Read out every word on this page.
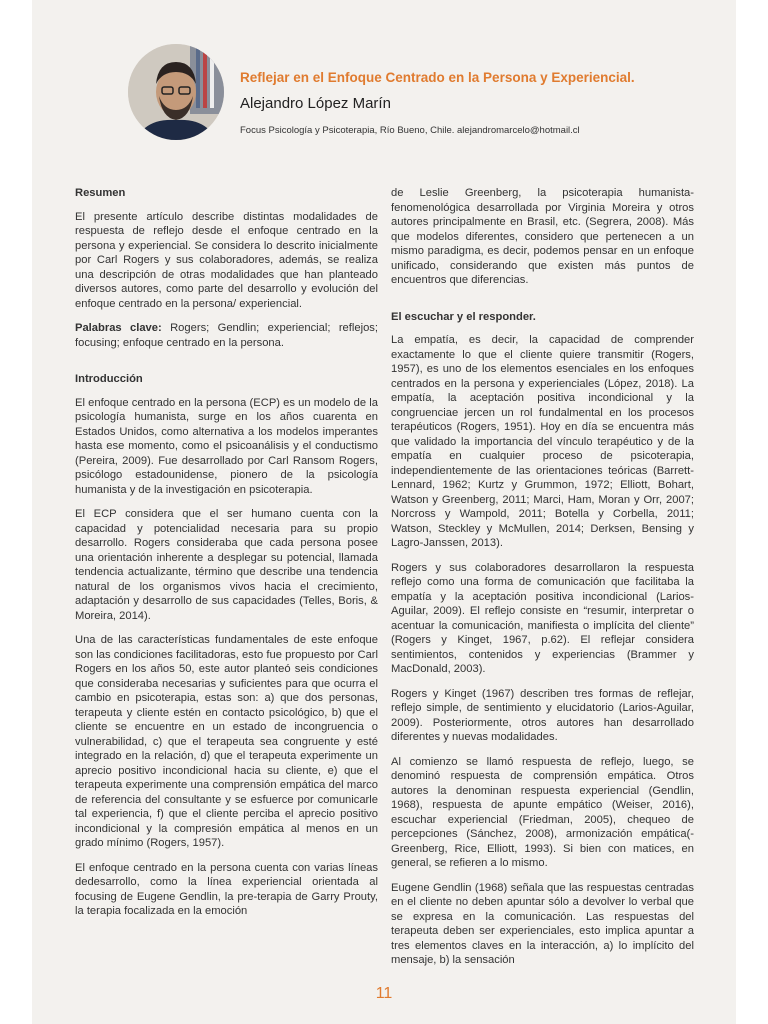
Reflejar en el Enfoque Centrado en la Persona y Experiencial.
Alejandro López Marín
Focus Psicología y Psicoterapia, Río Bueno, Chile. alejandromarcelo@hotmail.cl
Resumen

El presente artículo describe distintas modalidades de respuesta de reflejo desde el enfoque centrado en la persona y experiencial. Se considera lo descrito inicialmente por Carl Rogers y sus colaboradores, además, se realiza una descripción de otras modalidades que han planteado diversos autores, como parte del desarrollo y evolución del enfoque centrado en la persona/ experiencial.

Palabras clave: Rogers; Gendlin; experiencial; reflejos; focusing; enfoque centrado en la persona.

Introducción

El enfoque centrado en la persona (ECP) es un modelo de la psicología humanista, surge en los años cuarenta en Estados Unidos, como alternativa a los modelos imperantes hasta ese momento, como el psicoanálisis y el conductismo (Pereira, 2009). Fue desarrollado por Carl Ransom Rogers, psicólogo estadounidense, pionero de la psicología humanista y de la investigación en psicoterapia.

El ECP considera que el ser humano cuenta con la capacidad y potencialidad necesaria para su propio desarrollo. Rogers consideraba que cada persona posee una orientación inherente a desplegar su potencial, llamada tendencia actualizante, término que describe una tendencia natural de los organismos vivos hacia el crecimiento, adaptación y desarrollo de sus capacidades (Telles, Boris, & Moreira, 2014).

Una de las características fundamentales de este enfoque son las condiciones facilitadoras, esto fue propuesto por Carl Rogers en los años 50, este autor planteó seis condiciones que consideraba necesarias y suficientes para que ocurra el cambio en psicoterapia, estas son: a) que dos personas, terapeuta y cliente estén en contacto psicológico, b) que el cliente se encuentre en un estado de incongruencia o vulnerabilidad, c) que el terapeuta sea congruente y esté integrado en la relación, d) que el terapeuta experimente un aprecio positivo incondicional hacia su cliente, e) que el terapeuta experimente una comprensión empática del marco de referencia del consultante y se esfuerce por comunicarle tal experiencia, f) que el cliente perciba el aprecio positivo incondicional y la compresión empática al menos en un grado mínimo (Rogers, 1957).

El enfoque centrado en la persona cuenta con varias líneas dedesarrollo, como la línea experiencial orientada al focusing de Eugene Gendlin, la pre-terapia de Garry Prouty, la terapia focalizada en la emoción

de Leslie Greenberg, la psicoterapia humanista-fenomenológica desarrollada por Virginia Moreira y otros autores principalmente en Brasil, etc. (Segrera, 2008). Más que modelos diferentes, considero que pertenecen a un mismo paradigma, es decir, podemos pensar en un enfoque unificado, considerando que existen más puntos de encuentros que diferencias.

El escuchar y el responder.

La empatía, es decir, la capacidad de comprender exactamente lo que el cliente quiere transmitir (Rogers, 1957), es uno de los elementos esenciales en los enfoques centrados en la persona y experienciales (López, 2018). La empatía, la aceptación positiva incondicional y la congruenciae jercen un rol fundalmental en los procesos terapéuticos (Rogers, 1951). Hoy en día se encuentra más que validado la importancia del vínculo terapéutico y de la empatía en cualquier proceso de psicoterapia, independientemente de las orientaciones teóricas (Barrett-Lennard, 1962; Kurtz y Grummon, 1972; Elliott, Bohart, Watson y Greenberg, 2011; Marci, Ham, Moran y Orr, 2007; Norcross y Wampold, 2011; Botella y Corbella, 2011; Watson, Steckley y McMullen, 2014; Derksen, Bensing y Lagro-Janssen, 2013).

Rogers y sus colaboradores desarrollaron la respuesta reflejo como una forma de comunicación que facilitaba la empatía y la aceptación positiva incondicional (Larios-Aguilar, 2009). El reflejo consiste en “resumir, interpretar o acentuar la comunicación, manifiesta o implícita del cliente” (Rogers y Kinget, 1967, p.62). El reflejar considera sentimientos, contenidos y experiencias (Brammer y MacDonald, 2003).

Rogers y Kinget (1967) describen tres formas de reflejar, reflejo simple, de sentimiento y elucidatorio (Larios-Aguilar, 2009). Posteriormente, otros autores han desarrollado diferentes y nuevas modalidades.

Al comienzo se llamó respuesta de reflejo, luego, se denominó respuesta de comprensión empática. Otros autores la denominan respuesta experiencial (Gendlin, 1968), respuesta de apunte empático (Weiser, 2016), escuchar experiencial (Friedman, 2005), chequeo de percepciones (Sánchez, 2008), armonización empática(-Greenberg, Rice, Elliott, 1993). Si bien con matices, en general, se refieren a lo mismo.

Eugene Gendlin (1968) señala que las respuestas centradas en el cliente no deben apuntar sólo a devolver lo verbal que se expresa en la comunicación. Las respuestas del terapeuta deben ser experienciales, esto implica apuntar a tres elementos claves en la interacción, a) lo implícito del mensaje, b) la sensación

11
